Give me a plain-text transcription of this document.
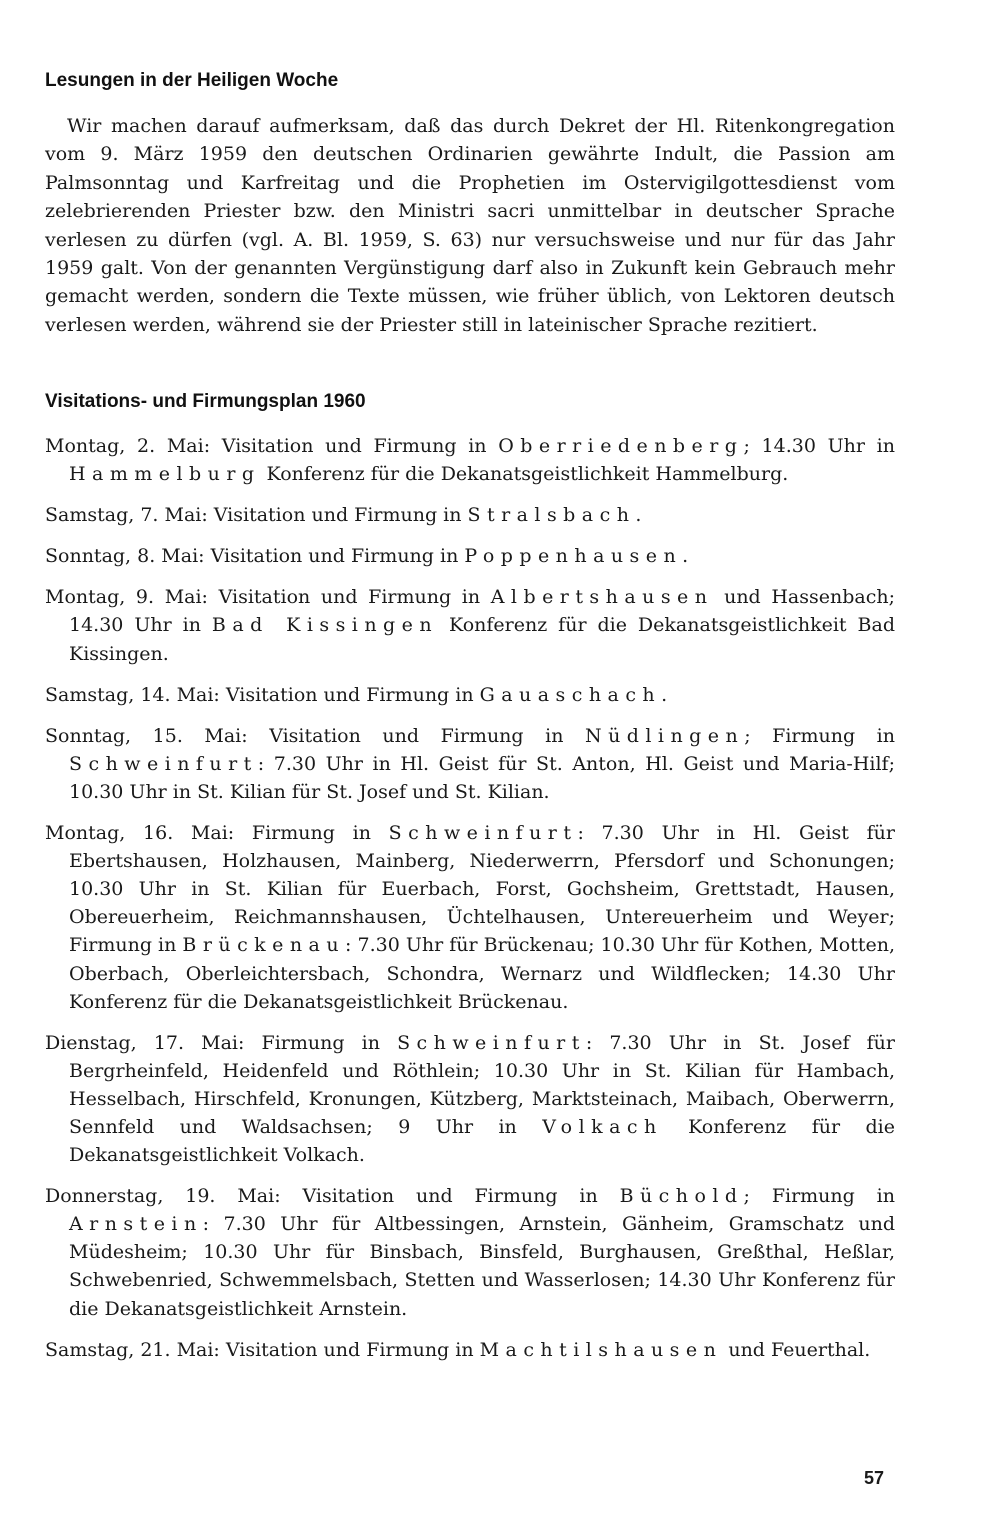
Lesungen in der Heiligen Woche

Wir machen darauf aufmerksam, daß das durch Dekret der Hl. Ritenkongregation vom 9. März 1959 den deutschen Ordinarien gewährte Indult, die Passion am Palmsonntag und Karfreitag und die Prophetien im Ostervigilgottesdienst vom zelebrierenden Priester bzw. den Ministri sacri unmittelbar in deutscher Sprache verlesen zu dürfen (vgl. A. Bl. 1959, S. 63) nur versuchsweise und nur für das Jahr 1959 galt. Von der genannten Vergünstigung darf also in Zukunft kein Gebrauch mehr gemacht werden, sondern die Texte müssen, wie früher üblich, von Lektoren deutsch verlesen werden, während sie der Priester still in lateinischer Sprache rezitiert.

Visitations- und Firmungsplan 1960

Montag, 2. Mai: Visitation und Firmung in Oberriedenberg; 14.30 Uhr in Hammelburg Konferenz für die Dekanatsgeistlichkeit Hammelburg.

Samstag, 7. Mai: Visitation und Firmung in Stralsbach.

Sonntag, 8. Mai: Visitation und Firmung in Poppenhausen.

Montag, 9. Mai: Visitation und Firmung in Albertshausen und Hassenbach; 14.30 Uhr in Bad Kissingen Konferenz für die Dekanatsgeistlichkeit Bad Kissingen.

Samstag, 14. Mai: Visitation und Firmung in Gauaschach.

Sonntag, 15. Mai: Visitation und Firmung in Nüdlingen; Firmung in Schweinfurt: 7.30 Uhr in Hl. Geist für St. Anton, Hl. Geist und Maria-Hilf; 10.30 Uhr in St. Kilian für St. Josef und St. Kilian.

Montag, 16. Mai: Firmung in Schweinfurt: 7.30 Uhr in Hl. Geist für Ebertshausen, Holzhausen, Mainberg, Niederwerrn, Pfersdorf und Schonungen; 10.30 Uhr in St. Kilian für Euerbach, Forst, Gochsheim, Grettstadt, Hausen, Obereuerheim, Reichmannshausen, Üchtelhausen, Untereuerheim und Weyer; Firmung in Brückenau: 7.30 Uhr für Brückenau; 10.30 Uhr für Kothen, Motten, Oberbach, Oberleichtersbach, Schondra, Wernarz und Wildflecken; 14.30 Uhr Konferenz für die Dekanatsgeistlichkeit Brückenau.

Dienstag, 17. Mai: Firmung in Schweinfurt: 7.30 Uhr in St. Josef für Bergrheinfeld, Heidenfeld und Röthlein; 10.30 Uhr in St. Kilian für Hambach, Hesselbach, Hirschfeld, Kronungen, Kützberg, Marktsteinach, Maibach, Oberwerrn, Sennfeld und Waldsachsen; 9 Uhr in Volkach Konferenz für die Dekanatsgeistlichkeit Volkach.

Donnerstag, 19. Mai: Visitation und Firmung in Büchold; Firmung in Arnstein: 7.30 Uhr für Altbessingen, Arnstein, Gänheim, Gramschatz und Müdesheim; 10.30 Uhr für Binsbach, Binsfeld, Burghausen, Greßthal, Heßlar, Schwebenried, Schwemmelsbach, Stetten und Wasserlosen; 14.30 Uhr Konferenz für die Dekanatsgeistlichkeit Arnstein.

Samstag, 21. Mai: Visitation und Firmung in Machtilshausen und Feuerthal.

57
